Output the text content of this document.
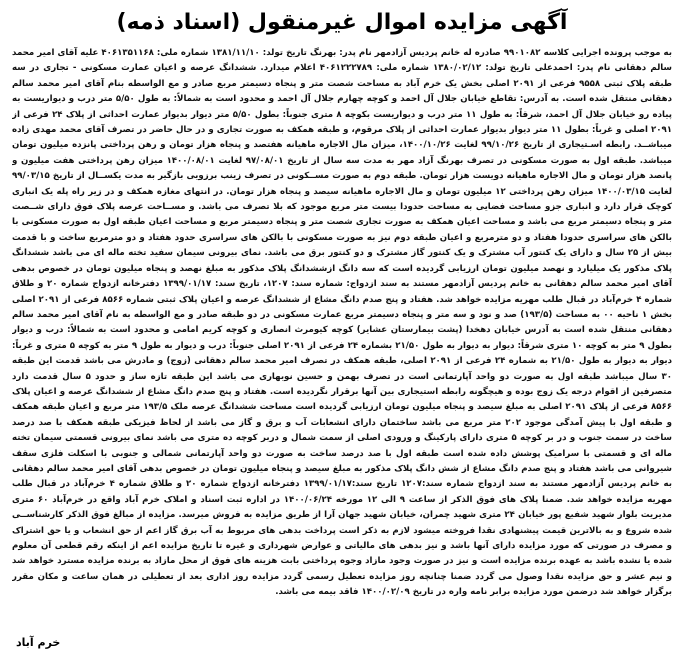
آگهی مزایده اموال غیرمنقول (اسناد ذمه)

به موجب پرونده اجرایی کلاسه ۹۹۰۱۰۸۲ صادره له خانم پردیس آزادمهر نام پدر: بهرنگ تاریخ تولد: ۱۳۸۱/۱۱/۱۰ شماره ملی: ۴۰۶۱۳۵۱۱۶۸ علیه آقای امیر محمد سالم دهقانی نام پدر: احمدعلی تاریخ تولد: ۱۳۸۰/۰۲/۱۲ شماره ملی: ۴۰۶۱۲۲۲۷۸۹ اعلام میدارد. ششدانگ عرصه و اعیان عمارت مسکونی - تجاری در سه طبقه پلاک ثبتی ۹۵۵۸ فرعی از ۲۰۹۱ اصلی بخش یک خرم آباد به مساحت شصت متر و پنجاه دسیمتر مربع صادر و مع الواسطه بنام آقای امیر محمد سالم دهقانی منتقل شده است. به آدرس: تقاطع خیابان جلال آل احمد و کوچه چهارم جلال آل احمد و محدود است به شمالاً: به طول ۵/۵۰ متر درب و دیواریست به پیاده رو خیابان جلال آل احمد، شرقاً: به طول ۱۱ متر درب و دیواریست بکوچه ۸ متری جنوباً: بطول ۵/۵۰ متر دیوار بدیوار عمارت احداثی از پلاک ۲۴ فرعی از ۲۰۹۱ اصلی و غرباً: بطول ۱۱ متر دیوار بدیوار عمارت احداثی از پلاک مرقوم، و طبقه همکف به صورت تجاری و در حال حاضر در تصرف آقای محمد مهدی زاده میباشــد. رابطه اسـتیجاری از تاریخ ۹۹/۱۰/۲۶ لغایت ۱۴۰۰/۱۰/۲۶، میزان مال الاجاره ماهیانه هفتصد و پنجاه هزار تومان و رهن پرداختی پانزده میلیون تومان میباشد. طبقه اول به صورت مسکونی در تصرف بهرنگ آزاد مهر به مدت سه سال از تاریخ ۹۷/۰۸/۰۱ لغایت ۱۴۰۰/۰۸/۰۱ میزان رهن پرداختی هفت میلیون و پانصد هزار تومان و مال الاجاره ماهیانه دویست هزار تومان. طبقه دوم به صورت مســکونی در تصرف زینب برزویی بازگیر به مدت یکســال از تاریخ ۹۹/۰۳/۱۵ لغایت ۱۴۰۰/۰۳/۱۵ میزان رهن پرداختی ۱۲ میلیون تومان و مال الاجاره ماهیانه سیصد و پنجاه هزار تومان. در انتهای مغازه همکف و در زیر راه پله یک انباری کوچک قرار دارد و انباری جزو مساحت فضایی به مساحت حدودا بیست متر مربع موجود که بلا تصرف می باشد. و مســاحت عرصه پلاک فوق دارای شــصت متر و پنجاه دسیمتر مربع می باشد و مساحت اعیان همکف به صورت تجاری شصت متر و پنجاه دسیمتر مربع و مساحت اعیان طبقه اول به صورت مسکونی با بالکن های سراسری حدودا هفتاد و دو مترمربع و اعیان طبقه دوم نیز به صورت مسکونی با بالکن های سراسری حدود هفتاد و دو مترمربع ساخت و با قدمت بیش از ۲۵ سال و دارای یک کنتور آب مشترک و یک کنتور گاز مشترک و دو کنتور برق می باشد. نمای بیرونی سیمان سفید تخته ماله ای می باشد ششدانگ پلاک مذکور یک میلیارد و نهصد میلیون تومان ارزیابی گردیده است که سه دانگ ازششدانگ پلاک مذکور به مبلغ نهصد و پنجاه میلیون تومان در خصوص بدهی آقای امیر محمد سالم دهقانی به خانم پردیس آزادمهر مستند به سند ازدواج: شماره سند: ۱۲۰۷، تاریخ سند: ۱۳۹۹/۰۱/۱۷ دفترخانه ازدواج شماره ۲۰ و طلاق شماره ۴ خرم‌آباد در قبال طلب مهریه مزایده خواهد شد. هفتاد و پنج صدم دانگ مشاع از ششدانگ عرصه و اعیان پلاک ثبتی شماره ۸۵۶۶ فرعی از ۲۰۹۱ اصلی بخش ۱ ناحیه ۰۰ به مساحت (۱۹۳/۵) صد و نود و سه متر و پنجاه دسیمتر مربع عمارت مسکونی در دو طبقه صادر و مع الواسطه به نام آقای امیر محمد سالم دهقانی منتقل شده است به آدرس خیابان دهخدا (پشت بیمارستان عشایر) کوچه کیومرث انصاری و کوچه کریم امامی و محدود است به شمالاً: درب و دیوار بطول ۹ متر به کوچه ۱۰ متری شرقاً: دیوار به دیوار به طول ۲۱/۵۰ بشماره ۲۴ فرعی از ۲۰۹۱ اصلی جنوباً: درب و دیوار به طول ۹ متر به کوچه ۵ متری و غرباً: دیوار به دیوار به طول ۲۱/۵۰ به شماره ۲۴ فرعی از ۲۰۹۱ اصلی، طبقه همکف در تصرف امیر محمد سالم دهقانی (زوج) و مادرش می باشد قدمت این طبقه ۳۰ سال میباشد طبقه اول به صورت دو واحد آپارتمانی است در تصرف بهمن و حسین نوبهاری می باشد این طبقه تازه ساز و حدود ۵ سال قدمت دارد متصرفین از اقوام درجه یک زوج بوده و هیچگونه رابطه استیجاری بین آنها برقرار نگردیده است. هفتاد و پنج صدم دانگ مشاع از ششدانگ عرصه و اعیان پلاک ۸۵۶۶ فرعی از پلاک ۲۰۹۱ اصلی به مبلغ سیصد و پنجاه میلیون تومان ارزیابی گردیده است مساحت ششدانگ عرصه ملک ۱۹۳/۵ متر مربع و اعیان طبقه همکف و طبقه اول با پیش آمدگی موجود ۲۰۲ متر مربع می باشد ساختمان دارای انشعابات آب و برق و گاز می باشد از لحاظ فیزیکی طبقه همکف با صد درصد ساخت در سمت جنوب و در بر کوچه ۵ متری دارای پارکینگ و ورودی اصلی از سمت شمال و دربر کوچه ده متری می باشد نمای بیرونی قسمتی سیمان تخته ماله ای و قسمتی با سرامیک پوشش داده شده است طبقه اول با صد درصد ساخت به صورت دو واحد آپارتمانی شمالی و جنوبی با اسکلت فلزی سقف شیروانی می باشد هفتاد و پنج صدم دانگ مشاع از شش دانگ پلاک مذکور به مبلغ سیصد و پنجاه میلیون تومان در خصوص بدهی آقای امیر محمد سالم دهقانی به خانم پردیس آزادمهر مستند به سند ازدواج شماره سند:۱۲۰۷ تاریخ سند:۱۳۹۹/۰۱/۱۷ دفترخانه ازدواج شماره ۲۰ و طلاق شماره ۴ خرم‌آباد در قبال طلب مهریه مزایده خواهد شد. ضمنا پلاک های فوق الذکر از ساعت ۹ الی ۱۲ مورخه ۱۴۰۰/۰۶/۲۴ در اداره ثبت اسناد و املاک خرم آباد واقع در خرم‌آباد ۶۰ متری مدیریت بلوار شهید شفیع پور خیابان ۲۴ متری شهید چمران، خیابان شهید جهان آرا از طریق مزایده به فروش میرسد. مزایده از مبالغ فوق الذکر کارشناســی شده شروع و به بالاترین قیمت پیشنهادی نقدا فروخته میشود لازم به ذکر است پرداخت بدهی های مربوط به آب برق گاز اعم از حق انشعاب و یا حق اشتراک و مصرف در صورتی که مورد مزایده دارای آنها باشد و نیز بدهی های مالیاتی و عوارض شهرداری و غیره تا تاریخ مزایده اعم از اینکه رقم قطعی آن معلوم شده یا نشده باشد به عهده برنده مزایده است و نیز در صورت وجود مازاد وجوه پرداختی بابت هزینه های فوق از محل مازاد به برنده مزایده مسترد خواهد شد و نیم عشر و حق مزایده نقدا وصول می گردد ضمنا چنانچه روز مزایده تعطیل رسمی گردد مزایده روز اداری بعد از تعطیلی در همان ساعت و مکان مقرر برگزار خواهد شد درضمن مورد مزایده برابر نامه واره در تاریخ ۱۴۰۰/۰۲/۰۹ فاقد بیمه می باشد.

خرم آباد
